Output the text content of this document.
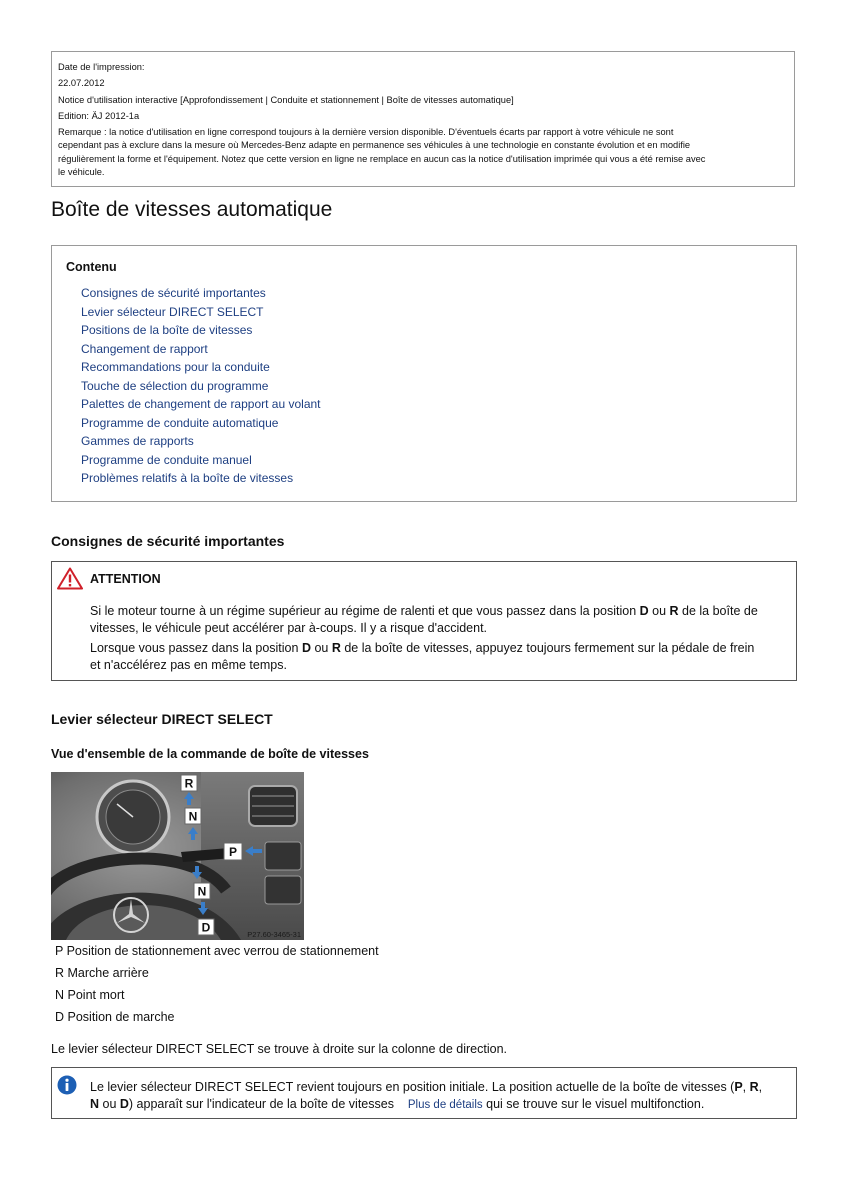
Date de l'impression:
22.07.2012
Notice d'utilisation interactive [Approfondissement | Conduite et stationnement | Boîte de vitesses automatique]
Edition: ÄJ 2012-1a
Remarque : la notice d'utilisation en ligne correspond toujours à la dernière version disponible. D'éventuels écarts par rapport à votre véhicule ne sont
cependant pas à exclure dans la mesure où Mercedes-Benz adapte en permanence ses véhicules à une technologie en constante évolution et en modifie
régulièrement la forme et l'équipement. Notez que cette version en ligne ne remplace en aucun cas la notice d'utilisation imprimée qui vous a été remise avec
le véhicule.
Boîte de vitesses automatique
Contenu
Consignes de sécurité importantes
Levier sélecteur DIRECT SELECT
Positions de la boîte de vitesses
Changement de rapport
Recommandations pour la conduite
Touche de sélection du programme
Palettes de changement de rapport au volant
Programme de conduite automatique
Gammes de rapports
Programme de conduite manuel
Problèmes relatifs à la boîte de vitesses
Consignes de sécurité importantes
ATTENTION

Si le moteur tourne à un régime supérieur au régime de ralenti et que vous passez dans la position D ou R de la boîte de
vitesses, le véhicule peut accélérer par à-coups. Il y a risque d'accident.

Lorsque vous passez dans la position D ou R de la boîte de vitesses, appuyez toujours fermement sur la pédale de frein
et n'accélérez pas en même temps.

Levier sélecteur DIRECT SELECT
Vue d'ensemble de la commande de boîte de vitesses
R
N
P
N
D	P27.60-3465-31

P Position de stationnement avec verrou de stationnement

R Marche arrière

N Point mort

D Position de marche

Le levier sélecteur DIRECT SELECT se trouve à droite sur la colonne de direction.

Le levier sélecteur DIRECT SELECT revient toujours en position initiale. La position actuelle de la boîte de vitesses (P, R,
N ou D) apparaît sur l'indicateur de la boîte de vitesses    Plus de détails qui se trouve sur le visuel multifonction.
